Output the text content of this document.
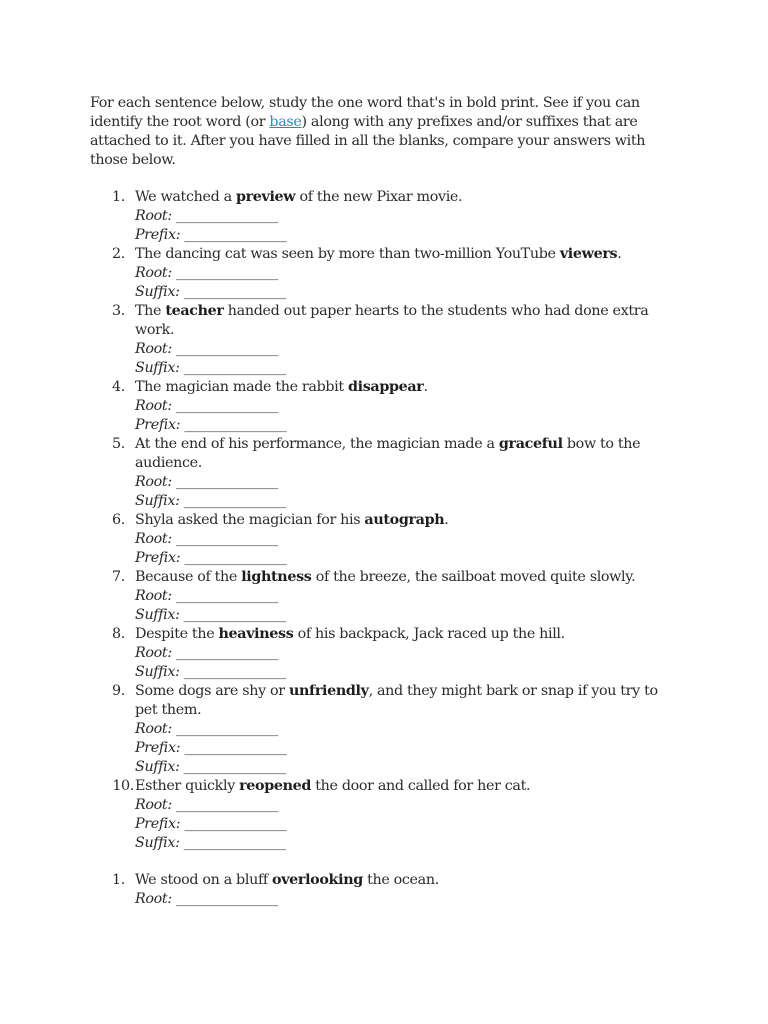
For each sentence below, study the one word that's in bold print. See if you can identify the root word (or base) along with any prefixes and/or suffixes that are attached to it. After you have filled in all the blanks, compare your answers with those below.

1. We watched a preview of the new Pixar movie.
Root: _______________
Prefix: _______________
2. The dancing cat was seen by more than two-million YouTube viewers.
Root: _______________
Suffix: _______________
3. The teacher handed out paper hearts to the students who had done extra work.
Root: _______________
Suffix: _______________
4. The magician made the rabbit disappear.
Root: _______________
Prefix: _______________
5. At the end of his performance, the magician made a graceful bow to the audience.
Root: _______________
Suffix: _______________
6. Shyla asked the magician for his autograph.
Root: _______________
Prefix: _______________
7. Because of the lightness of the breeze, the sailboat moved quite slowly.
Root: _______________
Suffix: _______________
8. Despite the heaviness of his backpack, Jack raced up the hill.
Root: _______________
Suffix: _______________
9. Some dogs are shy or unfriendly, and they might bark or snap if you try to pet them.
Root: _______________
Prefix: _______________
Suffix: _______________
10. Esther quickly reopened the door and called for her cat.
Root: _______________
Prefix: _______________
Suffix: _______________
1. We stood on a bluff overlooking the ocean.
Root: _______________
